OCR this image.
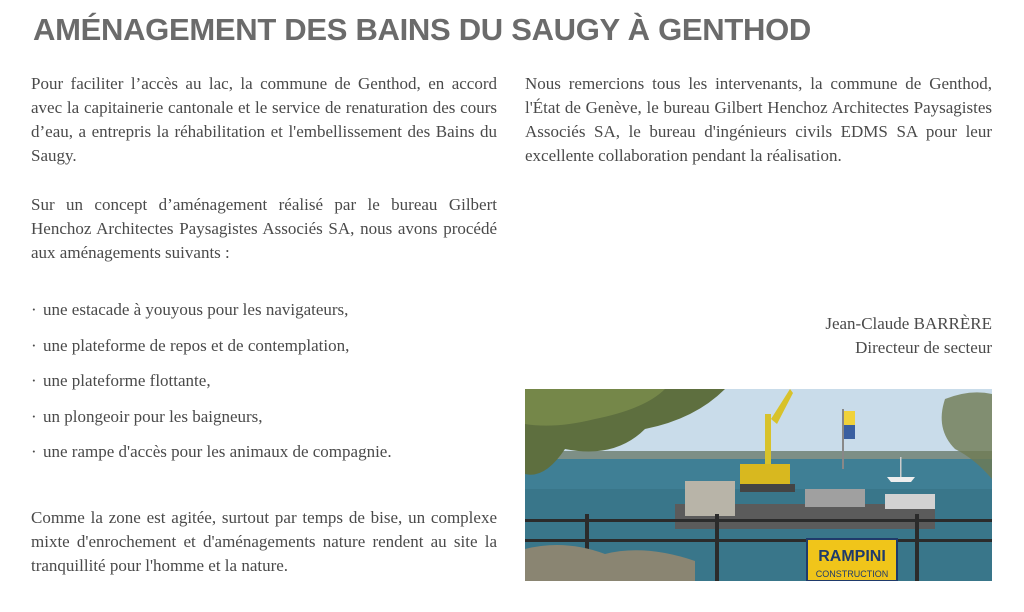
AMÉNAGEMENT DES BAINS DU SAUGY À GENTHOD

Pour faciliter l’accès au lac, la commune de Genthod, en accord avec la capitainerie cantonale et le service de renaturation des cours d’eau, a entrepris la réhabilitation et l'embellissement des Bains du Saugy.

Sur un concept d’aménagement réalisé par le bureau Gilbert Henchoz Architectes Paysagistes Associés SA, nous avons procédé aux aménagements suivants :

· une estacade à youyous pour les navigateurs,
· une plateforme de repos et de contemplation,
· une plateforme flottante,
· un plongeoir pour les baigneurs,
· une rampe d'accès pour les animaux de compagnie.

Comme la zone est agitée, surtout par temps de bise, un complexe mixte d'enrochement et d'aménagements nature rendent au site la tranquillité pour l'homme et la nature.

Nous remercions tous les intervenants, la commune de Genthod, l'État de Genève, le bureau Gilbert Henchoz Architectes Paysagistes Associés SA, le bureau d'ingénieurs civils EDMS SA pour leur excellente collaboration pendant la réalisation.

Jean-Claude BARRÈRE
Directeur de secteur
RAMPINI
CONSTRUCTION
